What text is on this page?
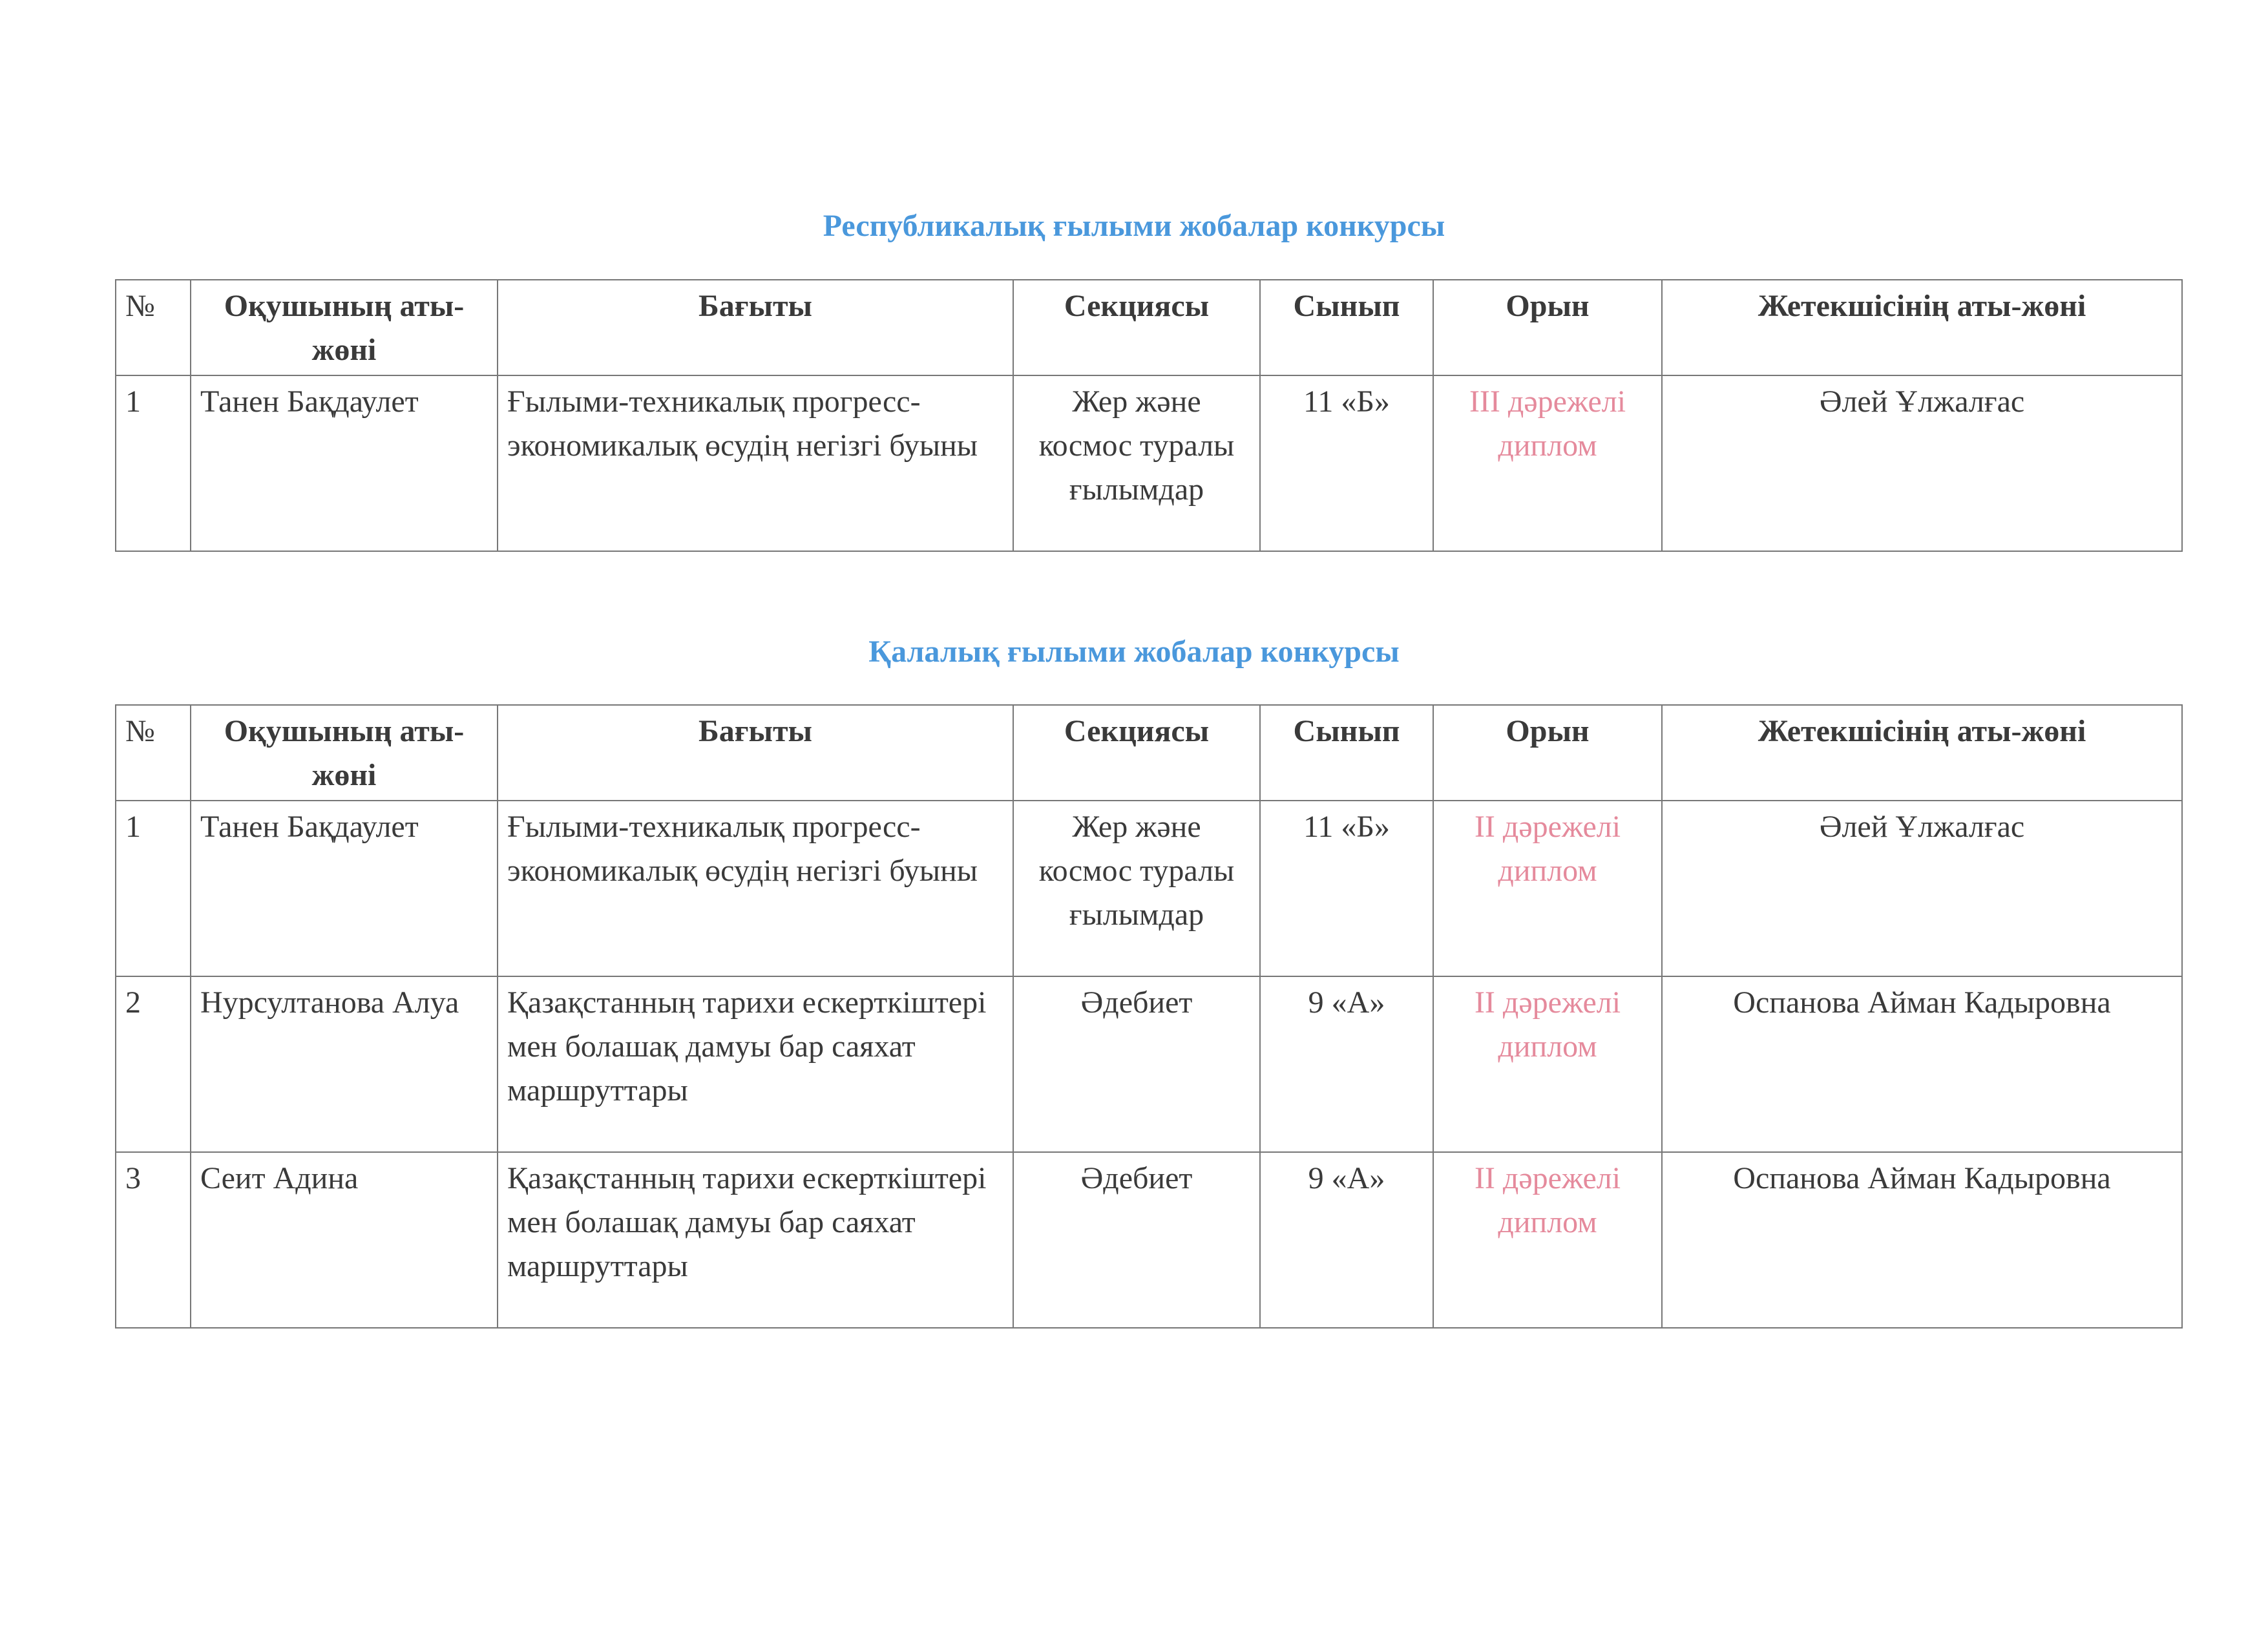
Республикалық ғылыми жобалар конкурсы
№	Оқушының аты-жөні	Бағыты	Секциясы	Сынып	Орын	Жетекшісінің аты-жөні
1	Танен Бақдаулет	Ғылыми-техникалық прогресс-экономикалық өсудің негізгі буыны	Жер және космос туралы ғылымдар	11 «Б»	III дәрежелі диплом	Әлей Ұлжалғас
Қалалық ғылыми жобалар конкурсы
№	Оқушының аты-жөні	Бағыты	Секциясы	Сынып	Орын	Жетекшісінің аты-жөні
1	Танен Бақдаулет	Ғылыми-техникалық прогресс-экономикалық өсудің негізгі буыны	Жер және космос туралы ғылымдар	11 «Б»	II дәрежелі диплом	Әлей Ұлжалғас
2	Нурсултанова Алуа	Қазақстанның тарихи ескерткіштері мен болашақ дамуы бар саяхат маршруттары	Әдебиет	9 «А»	II дәрежелі диплом	Оспанова Айман Кадыровна
3	Сеит Адина	Қазақстанның тарихи ескерткіштері мен болашақ дамуы бар саяхат маршруттары	Әдебиет	9 «А»	II дәрежелі диплом	Оспанова Айман Кадыровна
